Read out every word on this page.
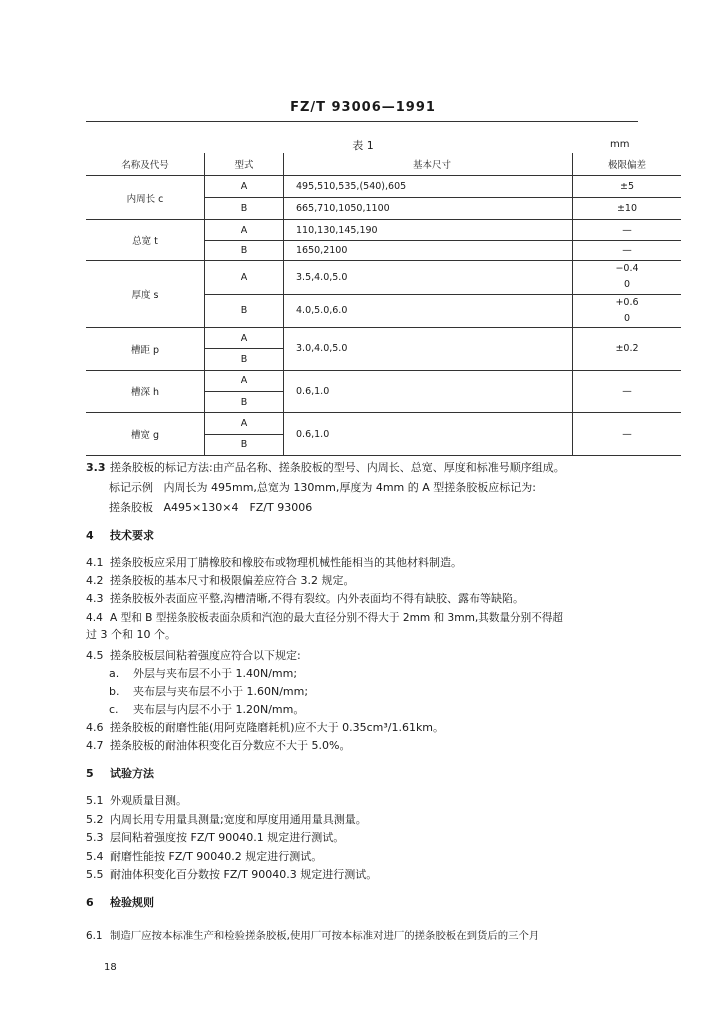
FZ/T 93006—1991
表 1	mm
名称及代号	型式	基本尺寸	极限偏差
内周长 c	A	495,510,535,(540),605	±5
	B	665,710,1050,1100	±10
总宽 t	A	110,130,145,190	—
	B	1650,2100	—
厚度 s	A	3.5,4.0,5.0	−0.4
0

	B	4.0,5.0,6.0	+0.6
0

槽距 p	A	3.0,4.0,5.0	±0.2
	B		
槽深 h	A	0.6,1.0	—
	B		
槽宽 g	A	0.6,1.0	—
	B		
3.3 搓条胶板的标记方法:由产品名称、搓条胶板的型号、内周长、总宽、厚度和标准号顺序组成。
标记示例 内周长为 495mm,总宽为 130mm,厚度为 4mm 的 A 型搓条胶板应标记为:
搓条胶板 A495×130×4　FZ/T 93006
4 技术要求
4.1 搓条胶板应采用丁腈橡胶和橡胶布或物理机械性能相当的其他材料制造。
4.2 搓条胶板的基本尺寸和极限偏差应符合 3.2 规定。
4.3 搓条胶板外表面应平整,沟槽清晰,不得有裂纹。内外表面均不得有缺胶、露布等缺陷。
4.4 A 型和 B 型搓条胶板表面杂质和汽泡的最大直径分别不得大于 2mm 和 3mm,其数量分别不得超
过 3 个和 10 个。
4.5 搓条胶板层间粘着强度应符合以下规定:
a. 外层与夹布层不小于 1.40N/mm;
b. 夹布层与夹布层不小于 1.60N/mm;
c. 夹布层与内层不小于 1.20N/mm。
4.6 搓条胶板的耐磨性能(用阿克隆磨耗机)应不大于 0.35cm³/1.61km。
4.7 搓条胶板的耐油体积变化百分数应不大于 5.0%。
5 试验方法
5.1 外观质量目测。
5.2 内周长用专用量具测量;宽度和厚度用通用量具测量。
5.3 层间粘着强度按 FZ/T 90040.1 规定进行测试。
5.4 耐磨性能按 FZ/T 90040.2 规定进行测试。
5.5 耐油体积变化百分数按 FZ/T 90040.3 规定进行测试。
6 检验规则
6.1 制造厂应按本标准生产和检验搓条胶板,使用厂可按本标准对进厂的搓条胶板在到货后的三个月
18
